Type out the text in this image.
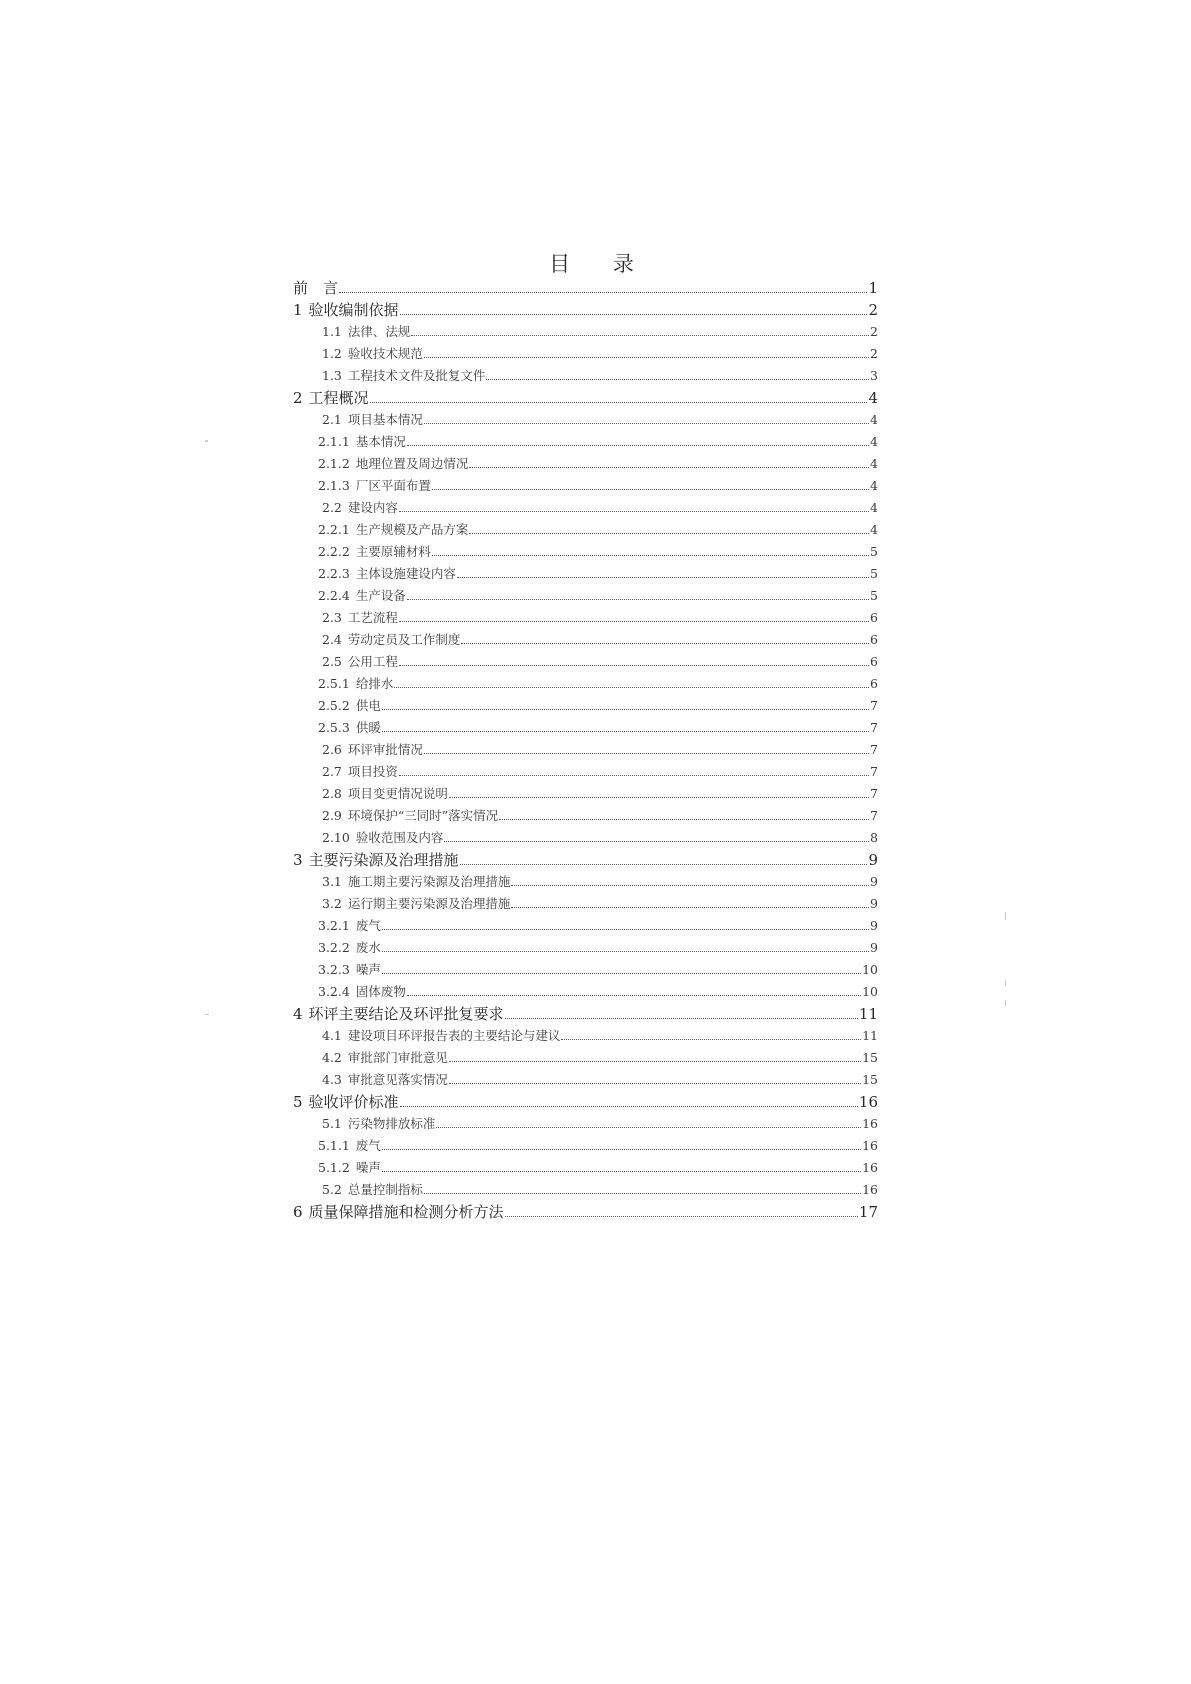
目 录
前　言	1
1 验收编制依据	2
1.1 法律、法规	2
1.2 验收技术规范	2
1.3 工程技术文件及批复文件	3
2 工程概况	4
2.1 项目基本情况	4
2.1.1 基本情况	4
2.1.2 地理位置及周边情况	4
2.1.3 厂区平面布置	4
2.2 建设内容	4
2.2.1 生产规模及产品方案	4
2.2.2 主要原辅材料	5
2.2.3 主体设施建设内容	5
2.2.4 生产设备	5
2.3 工艺流程	6
2.4 劳动定员及工作制度	6
2.5 公用工程	6
2.5.1 给排水	6
2.5.2 供电	7
2.5.3 供暖	7
2.6 环评审批情况	7
2.7 项目投资	7
2.8 项目变更情况说明	7
2.9 环境保护“三同时”落实情况	7
2.10 验收范围及内容	8
3 主要污染源及治理措施	9
3.1 施工期主要污染源及治理措施	9
3.2 运行期主要污染源及治理措施	9
3.2.1 废气	9
3.2.2 废水	9
3.2.3 噪声	10
3.2.4 固体废物	10
4 环评主要结论及环评批复要求	11
4.1 建设项目环评报告表的主要结论与建议	11
4.2 审批部门审批意见	15
4.3 审批意见落实情况	15
5 验收评价标准	16
5.1 污染物排放标准	16
5.1.1 废气	16
5.1.2 噪声	16
5.2 总量控制指标	16
6 质量保障措施和检测分析方法	17
